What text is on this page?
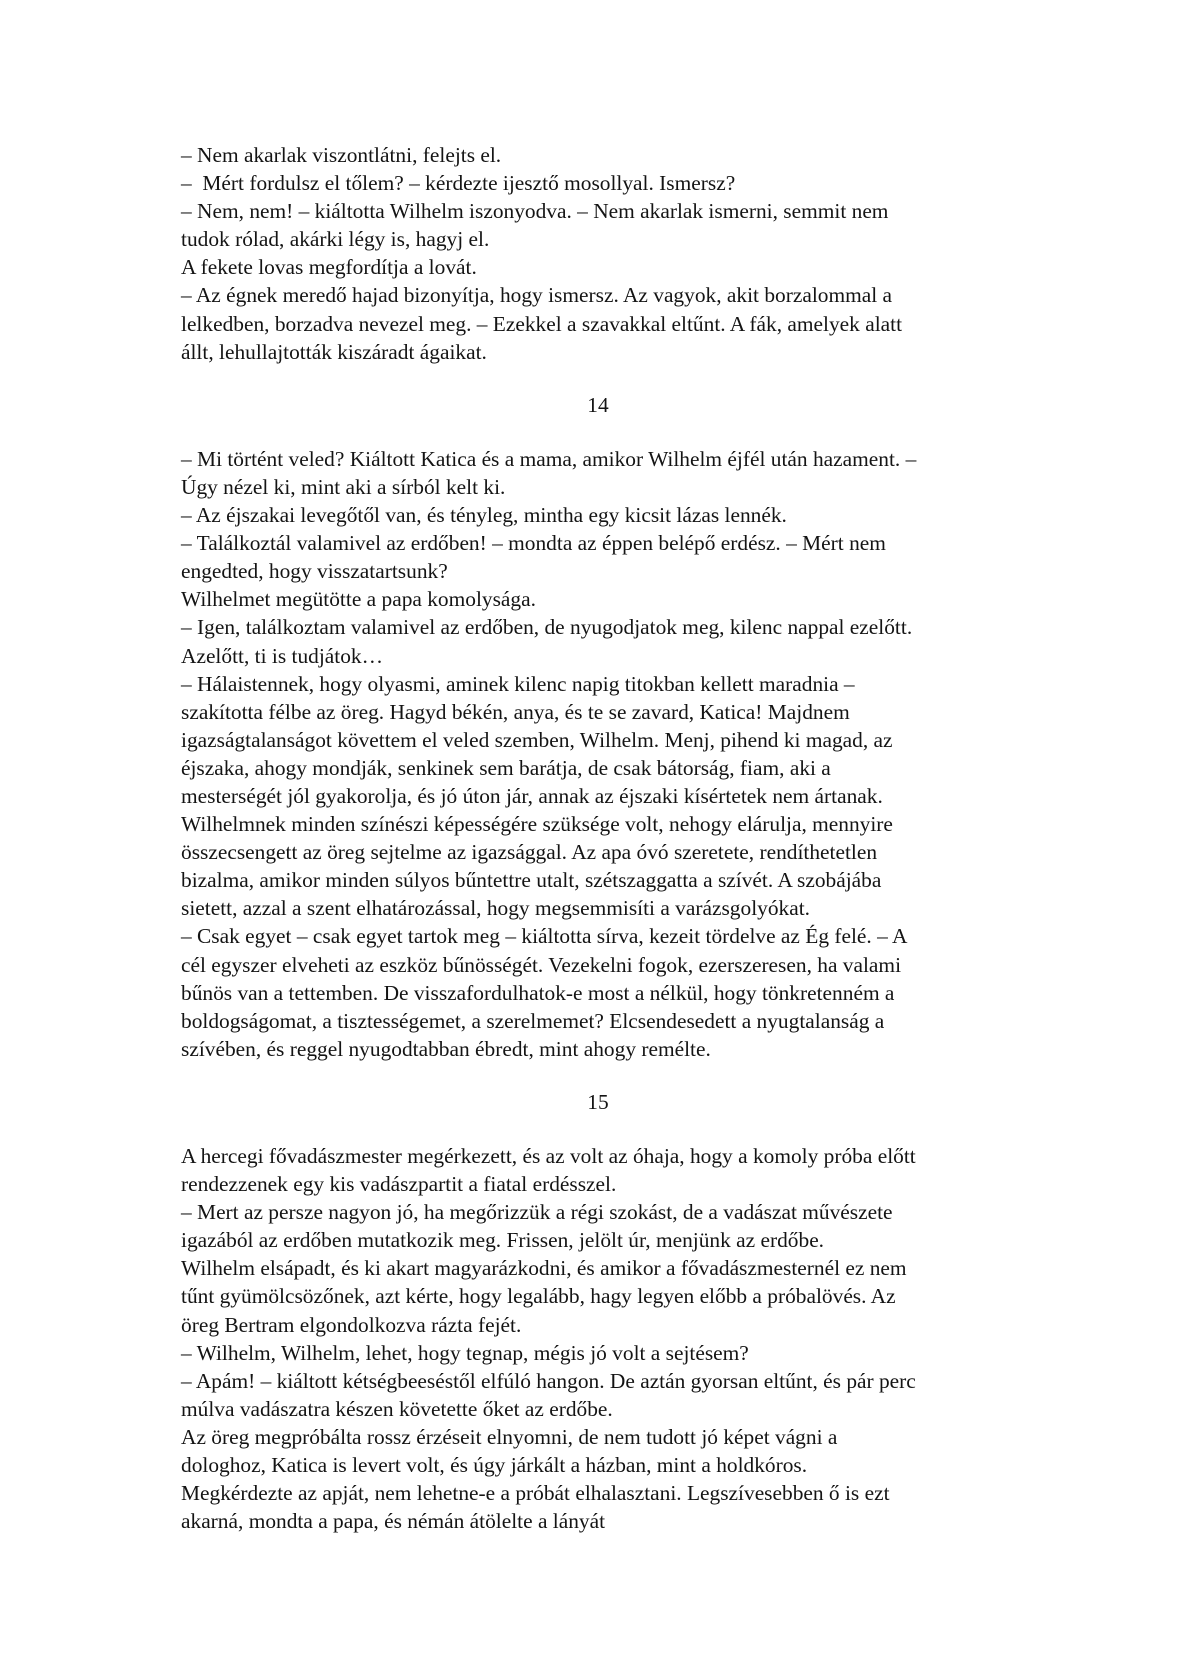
– Nem akarlak viszontlátni, felejts el.
–  Mért fordulsz el tőlem? – kérdezte ijesztő mosollyal. Ismersz?
– Nem, nem! – kiáltotta Wilhelm iszonyodva. – Nem akarlak ismerni, semmit nem
tudok rólad, akárki légy is, hagyj el.
A fekete lovas megfordítja a lovát.
– Az égnek meredő hajad bizonyítja, hogy ismersz. Az vagyok, akit borzalommal a
lelkedben, borzadva nevezel meg. – Ezekkel a szavakkal eltűnt. A fák, amelyek alatt
állt, lehullajtották kiszáradt ágaikat.
14
– Mi történt veled? Kiáltott Katica és a mama, amikor Wilhelm éjfél után hazament. –
Úgy nézel ki, mint aki a sírból kelt ki.
– Az éjszakai levegőtől van, és tényleg, mintha egy kicsit lázas lennék.
– Találkoztál valamivel az erdőben! – mondta az éppen belépő erdész. – Mért nem
engedted, hogy visszatartsunk?
Wilhelmet megütötte a papa komolysága.
– Igen, találkoztam valamivel az erdőben, de nyugodjatok meg, kilenc nappal ezelőtt.
Azelőtt, ti is tudjátok…
– Hálaistennek, hogy olyasmi, aminek kilenc napig titokban kellett maradnia –
szakította félbe az öreg. Hagyd békén, anya, és te se zavard, Katica! Majdnem
igazságtalanságot követtem el veled szemben, Wilhelm. Menj, pihend ki magad, az
éjszaka, ahogy mondják, senkinek sem barátja, de csak bátorság, fiam, aki a
mesterségét jól gyakorolja, és jó úton jár, annak az éjszaki kísértetek nem ártanak.
Wilhelmnek minden színészi képességére szüksége volt, nehogy elárulja, mennyire
összecsengett az öreg sejtelme az igazsággal. Az apa óvó szeretete, rendíthetetlen
bizalma, amikor minden súlyos bűntettre utalt, szétszaggatta a szívét. A szobájába
sietett, azzal a szent elhatározással, hogy megsemmisíti a varázsgolyókat.
– Csak egyet – csak egyet tartok meg – kiáltotta sírva, kezeit tördelve az Ég felé. – A
cél egyszer elveheti az eszköz bűnösségét. Vezekelni fogok, ezerszeresen, ha valami
bűnös van a tettemben. De visszafordulhatok-e most a nélkül, hogy tönkretenném a
boldogságomat, a tisztességemet, a szerelmemet? Elcsendesedett a nyugtalanság a
szívében, és reggel nyugodtabban ébredt, mint ahogy remélte.
15
A hercegi fővadászmester megérkezett, és az volt az óhaja, hogy a komoly próba előtt
rendezzenek egy kis vadászpartit a fiatal erdésszel.
– Mert az persze nagyon jó, ha megőrizzük a régi szokást, de a vadászat művészete
igazából az erdőben mutatkozik meg. Frissen, jelölt úr, menjünk az erdőbe.
Wilhelm elsápadt, és ki akart magyarázkodni, és amikor a fővadászmesternél ez nem
tűnt gyümölcsözőnek, azt kérte, hogy legalább, hagy legyen előbb a próbalövés. Az
öreg Bertram elgondolkozva rázta fejét.
– Wilhelm, Wilhelm, lehet, hogy tegnap, mégis jó volt a sejtésem?
– Apám! – kiáltott kétségbeeséstől elfúló hangon. De aztán gyorsan eltűnt, és pár perc
múlva vadászatra készen követette őket az erdőbe.
Az öreg megpróbálta rossz érzéseit elnyomni, de nem tudott jó képet vágni a
dologhoz, Katica is levert volt, és úgy járkált a házban, mint a holdkóros.
Megkérdezte az apját, nem lehetne-e a próbát elhalasztani. Legszívesebben ő is ezt
akarná, mondta a papa, és némán átölelte a lányát
